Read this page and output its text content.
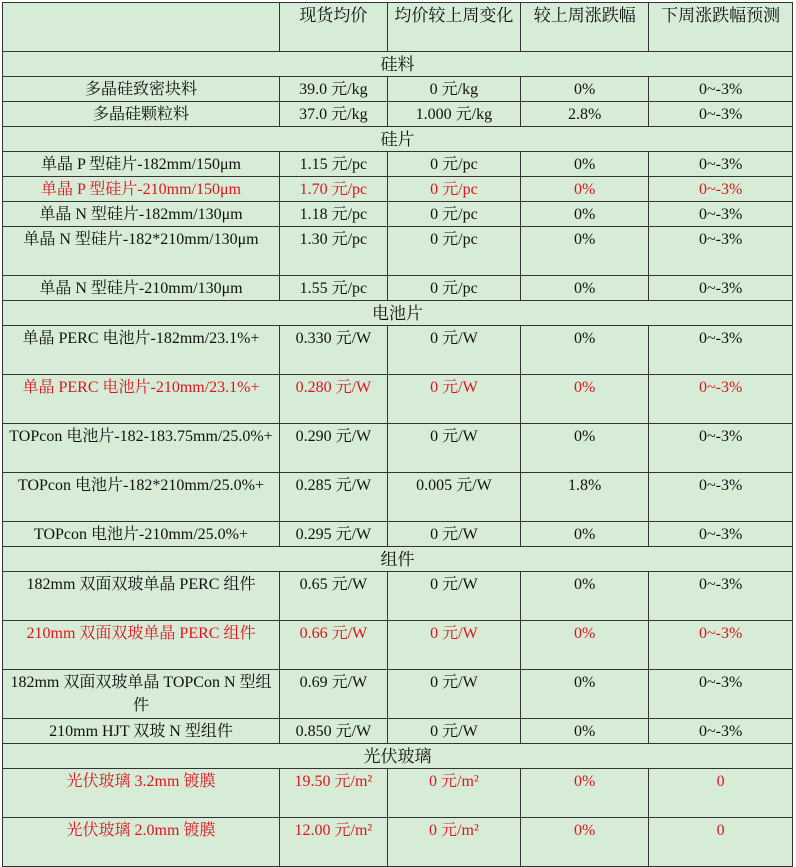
	现货均价	均价较上周变化	较上周涨跌幅	下周涨跌幅预测
硅料				
多晶硅致密块料	39.0 元/kg	0 元/kg	0%	0~-3%
多晶硅颗粒料	37.0 元/kg	1.000 元/kg	2.8%	0~-3%
硅片				
单晶 P 型硅片-182mm/150μm	1.15 元/pc	0 元/pc	0%	0~-3%
单晶 P 型硅片-210mm/150μm	1.70 元/pc	0 元/pc	0%	0~-3%
单晶 N 型硅片-182mm/130μm	1.18 元/pc	0 元/pc	0%	0~-3%
单晶 N 型硅片-182*210mm/130μm	1.30 元/pc	0 元/pc	0%	0~-3%
单晶 N 型硅片-210mm/130μm	1.55 元/pc	0 元/pc	0%	0~-3%
电池片				
单晶 PERC 电池片-182mm/23.1%+	0.330 元/W	0 元/W	0%	0~-3%
单晶 PERC 电池片-210mm/23.1%+	0.280 元/W	0 元/W	0%	0~-3%
TOPcon 电池片-182-183.75mm/25.0%+	0.290 元/W	0 元/W	0%	0~-3%
TOPcon 电池片-182*210mm/25.0%+	0.285 元/W	0.005 元/W	1.8%	0~-3%
TOPcon 电池片-210mm/25.0%+	0.295 元/W	0 元/W	0%	0~-3%
组件				
182mm 双面双玻单晶 PERC 组件	0.65 元/W	0 元/W	0%	0~-3%
210mm 双面双玻单晶 PERC 组件	0.66 元/W	0 元/W	0%	0~-3%
182mm 双面双玻单晶 TOPCon N 型组件	0.69 元/W	0 元/W	0%	0~-3%
210mm HJT 双玻 N 型组件	0.850 元/W	0 元/W	0%	0~-3%
光伏玻璃				
光伏玻璃 3.2mm 镀膜	19.50 元/m²	0 元/m²	0%	0
光伏玻璃 2.0mm 镀膜	12.00 元/m²	0 元/m²	0%	0
